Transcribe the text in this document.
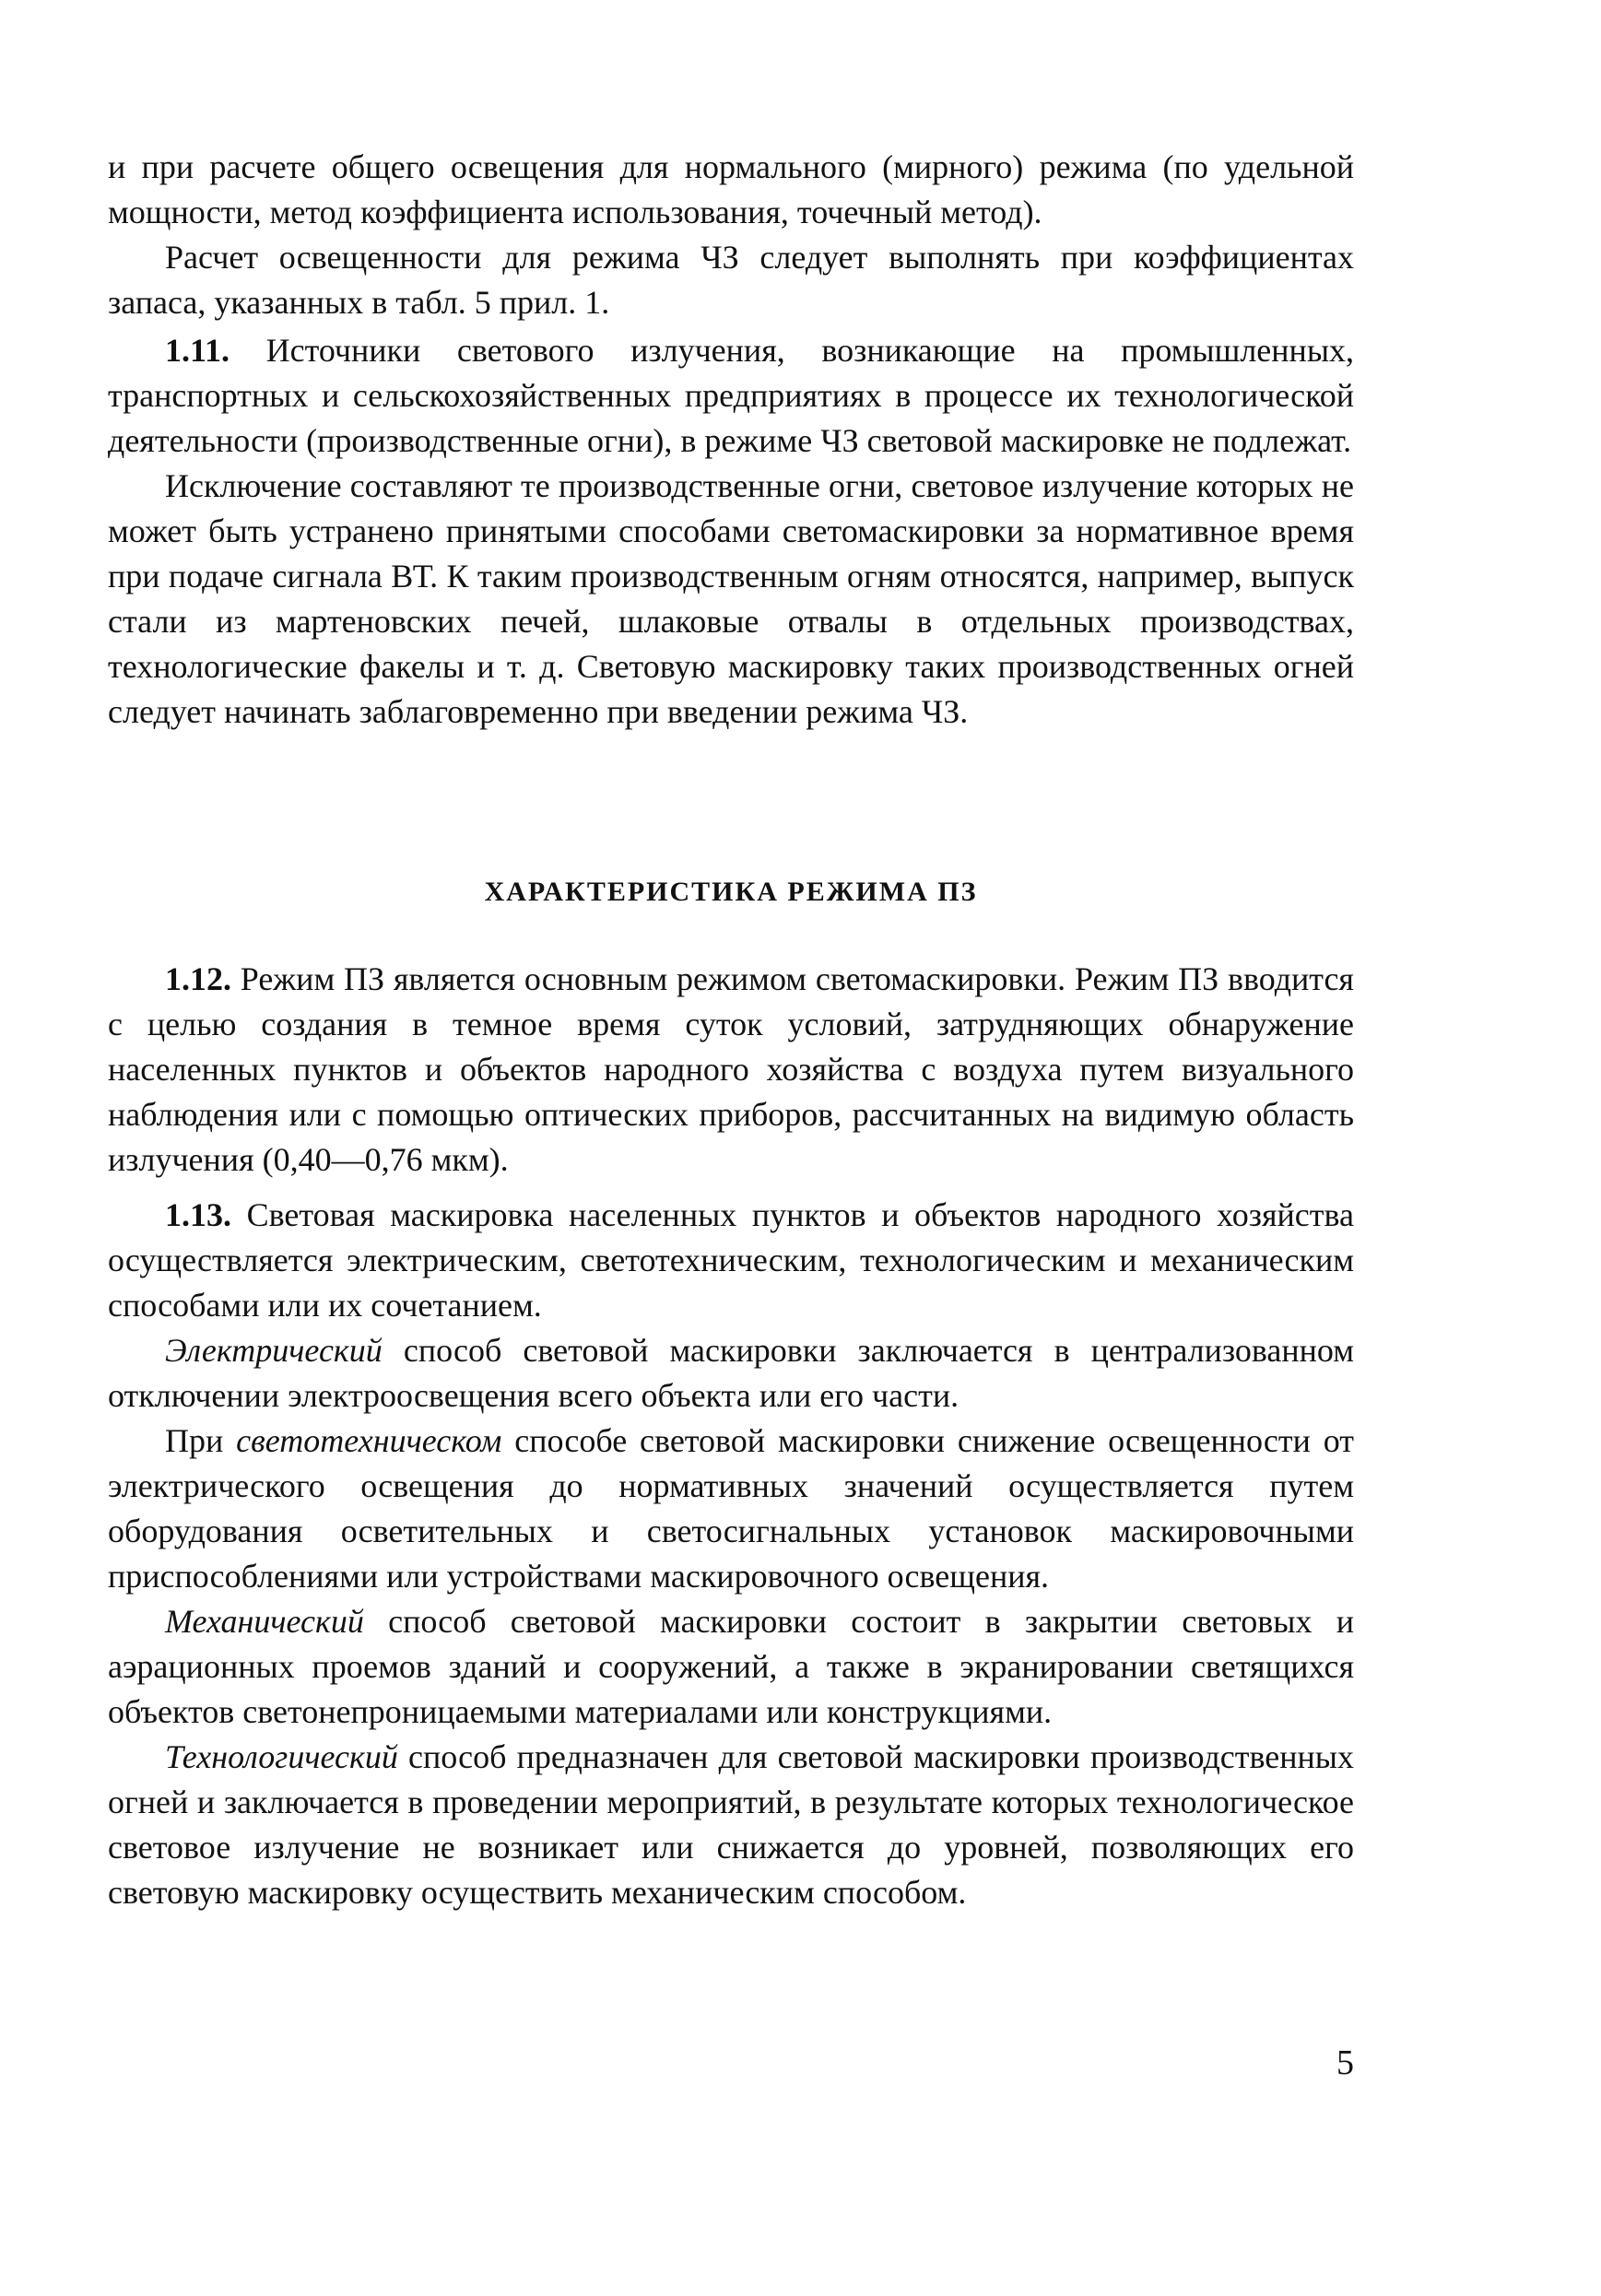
и при расчете общего освещения для нормального (мирного) режима (по удельной мощности, метод коэффициента использования, точечный метод).

Расчет освещенности для режима ЧЗ следует выполнять при коэффициентах запаса, указанных в табл. 5 прил. 1.

1.11. Источники светового излучения, возникающие на промышленных, транспортных и сельскохозяйственных предприятиях в процессе их технологической деятельности (производственные огни), в режиме ЧЗ световой маскировке не подлежат.

Исключение составляют те производственные огни, световое излучение которых не может быть устранено принятыми способами светомаскировки за нормативное время при подаче сигнала ВТ. К таким производственным огням относятся, например, выпуск стали из мартеновских печей, шлаковые отвалы в отдельных производствах, технологические факелы и т. д. Световую маскировку таких производственных огней следует начинать заблаговременно при введении режима ЧЗ.

ХАРАКТЕРИСТИКА РЕЖИМА ПЗ

1.12. Режим ПЗ является основным режимом светомаскировки. Режим ПЗ вводится с целью создания в темное время суток условий, затрудняющих обнаружение населенных пунктов и объектов народного хозяйства с воздуха путем визуального наблюдения или с помощью оптических приборов, рассчитанных на видимую область излучения (0,40—0,76 мкм).

1.13. Световая маскировка населенных пунктов и объектов народного хозяйства осуществляется электрическим, светотехническим, технологическим и механическим способами или их сочетанием.

Электрический способ световой маскировки заключается в централизованном отключении электроосвещения всего объекта или его части.

При светотехническом способе световой маскировки снижение освещенности от электрического освещения до нормативных значений осуществляется путем оборудования осветительных и светосигнальных установок маскировочными приспособлениями или устройствами маскировочного освещения.

Механический способ световой маскировки состоит в закрытии световых и аэрационных проемов зданий и сооружений, а также в экранировании светящихся объектов светонепроницаемыми материалами или конструкциями.

Технологический способ предназначен для световой маскировки производственных огней и заключается в проведении мероприятий, в результате которых технологическое световое излучение не возникает или снижается до уровней, позволяющих его световую маскировку осуществить механическим способом.

5
